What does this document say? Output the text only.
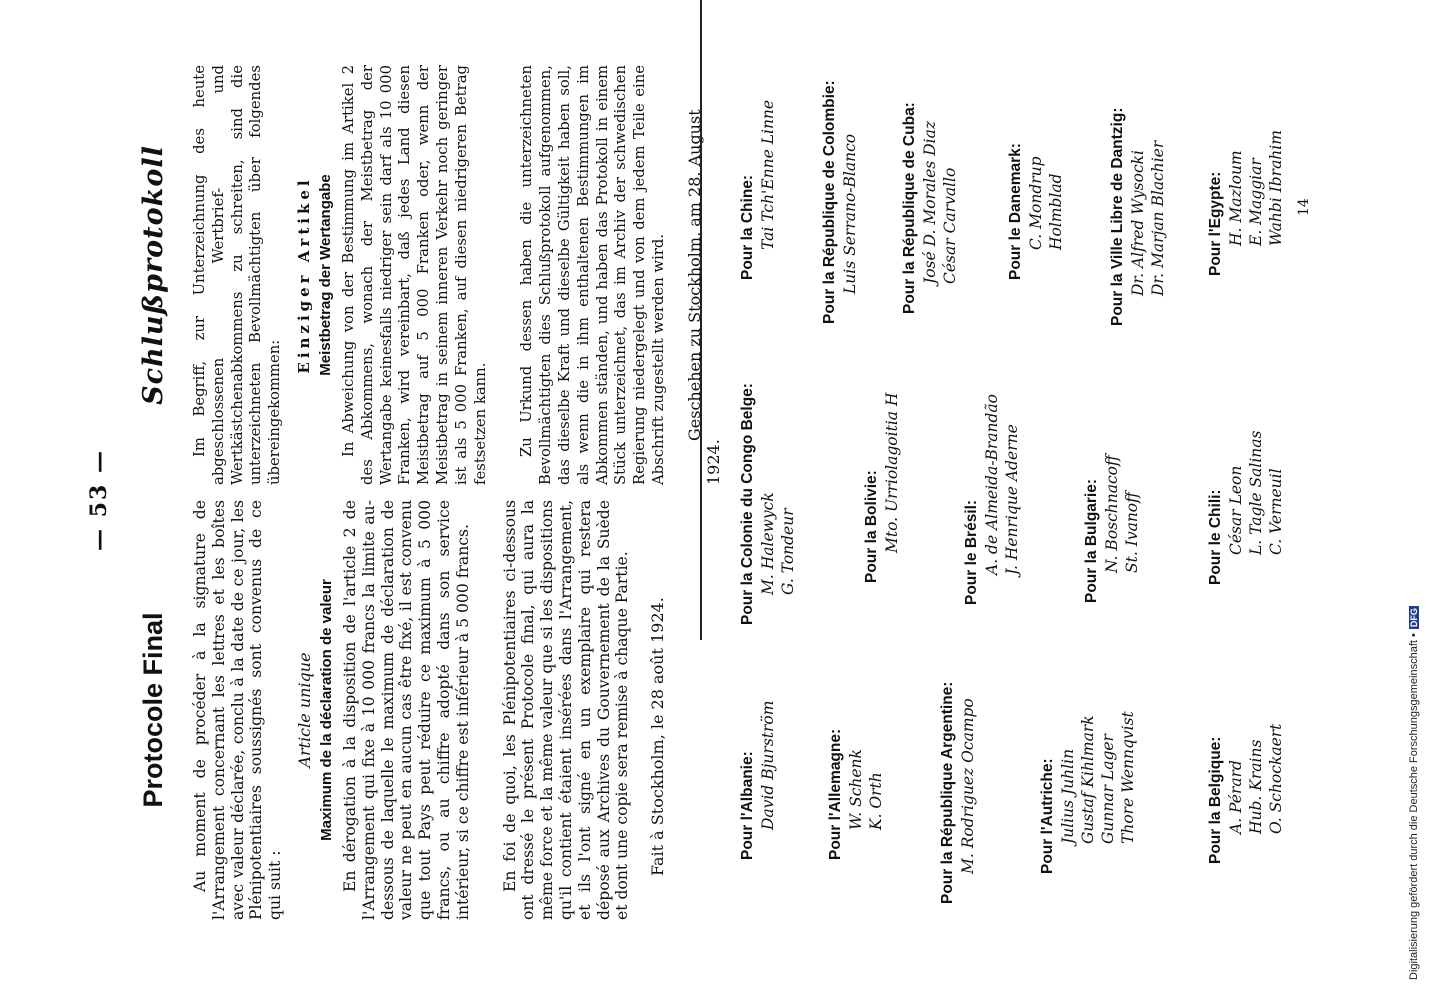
— 53 —
Protocole Final Au moment de procéder à la signature de l'Arrangement concernant les lettres et les boîtes avec valeur déclarée, conclu à la date de ce jour, les Plénipotentiaires soussignés sont convenus de ce qui suit :

Article unique Maximum de la déclaration de valeur En dérogation à la disposition de l'article 2 de l'Arrangement qui fixe à 10 000 francs la limite au-dessous de laquelle le maximum de déclaration de valeur ne peut en aucun cas être fixé, il est convenu que tout Pays peut réduire ce maximum à 5 000 francs, ou au chiffre adopté dans son service intérieur, si ce chiffre est inférieur à 5 000 francs. En foi de quoi, les Plénipotentiaires ci-dessous ont dressé le présent Protocole final, qui aura la même force et la même valeur que si les dispositions qu'il contient étaient insérées dans l'Arrangement, et ils l'ont signé en un exemplaire qui restera déposé aux Archives du Gouvernement de la Suède et dont une copie sera remise à chaque Partie. Fait à Stockholm, le 28 août 1924.

Schlußprotokoll Im Begriff, zur Unterzeichnung des heute abgeschlossenen Wertbrief- und Wertkästchenabkommens zu schreiten, sind die unterzeichneten Bevollmächtigten über folgendes übereingekommen:

Einziger Artikel Meistbetrag der Wertangabe In Abweichung von der Bestimmung im Artikel 2 des Abkommens, wonach der Meistbetrag der Wertangabe keinesfalls niedriger sein darf als 10 000 Franken, wird vereinbart, daß jedes Land diesen Meistbetrag auf 5 000 Franken oder, wenn der Meistbetrag in seinem inneren Verkehr noch geringer ist als 5 000 Franken, auf diesen niedrigeren Betrag festsetzen kann. Zu Urkund dessen haben die unterzeichneten Bevollmächtigten dies Schlußprotokoll aufgenommen, das dieselbe Kraft und dieselbe Gültigkeit haben soll, als wenn die in ihm enthaltenen Bestimmungen im Abkommen ständen, und haben das Protokoll in einem Stück unterzeichnet, das im Archiv der schwedischen Regierung niedergelegt und von dem jedem Teile eine Abschrift zugestellt werden wird. Geschehen zu Stockholm, am 28. August 1924.

Pour l'Albanie: David Bjurström	Pour l'Allemagne: W. Schenk K. Orth	Pour la République Argentine: M. Rodriguez Ocampo	Pour l'Autriche: Julius Juhlin Gustaf Kihlmark Gunnar Lager Thore Wennqvist	Pour la Belgique: A. Pérard Hub. Krains O. Schockaert
Pour la Colonie du Congo Belge: M. Halewyck G. Tondeur	Pour la Bolivie: Mto. Urriolagoitia H	Pour le Brésil: A. de Almeida-Brandão J. Henrique Aderne	Pour la Bulgarie: N. Boschnacoff St. Ivanoff	Pour le Chili: César Leon L. Tagle Salinas C. Verneuil
Pour la Chine: Tai Tch'Enne Linne	Pour la République de Colombie: Luis Serrano-Blanco	Pour la République de Cuba: José D. Morales Diaz César Carvallo	Pour le Danemark: C. Mondrup Holmblad	Pour la Ville Libre de Dantzig: Dr. Alfred Wysocki Dr. Marjan Blachier	Pour l'Egypte: H. Mazloum E. Maggiar Wahbi Ibrahim 14
Digitalisierung gefördert durch die Deutsche Forschungsgemeinschaft •DFG
